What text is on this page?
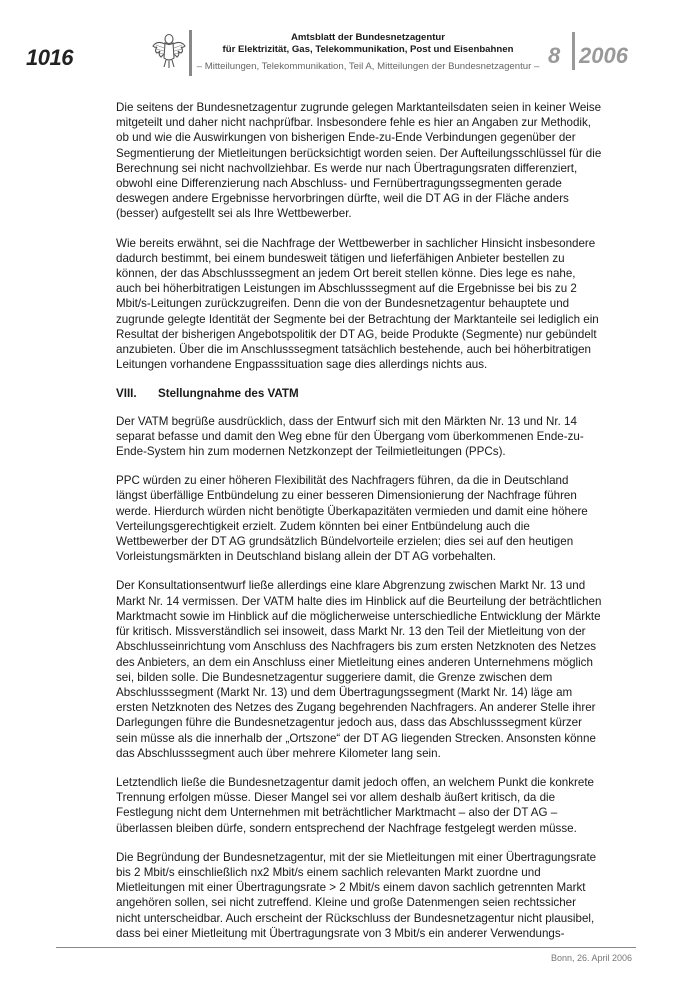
1016
Amtsblatt der Bundesnetzagentur
für Elektrizität, Gas, Telekommunikation, Post und Eisenbahnen
– Mitteilungen, Telekommunikation, Teil A, Mitteilungen der Bundesnetzagentur – 8 2006

Die seitens der Bundesnetzagentur zugrunde gelegen Marktanteilsdaten seien in keiner Weise mitgeteilt und daher nicht nachprüfbar. Insbesondere fehle es hier an Angaben zur Methodik, ob und wie die Auswirkungen von bisherigen Ende-zu-Ende Verbindungen gegenüber der Segmentierung der Mietleitungen berücksichtigt worden seien. Der Aufteilungsschlüssel für die Berechnung sei nicht nachvollziehbar. Es werde nur nach Übertragungsraten differenziert, obwohl eine Differenzierung nach Abschluss- und Fernübertragungssegmenten gerade deswegen andere Ergebnisse hervorbringen dürfte, weil die DT AG in der Fläche anders (besser) aufgestellt sei als Ihre Wettbewerber.

Wie bereits erwähnt, sei die Nachfrage der Wettbewerber in sachlicher Hinsicht insbesondere dadurch bestimmt, bei einem bundesweit tätigen und lieferfähigen Anbieter bestellen zu können, der das Abschlusssegment an jedem Ort bereit stellen könne. Dies lege es nahe, auch bei höherbitratigen Leistungen im Abschlusssegment auf die Ergebnisse bei bis zu 2 Mbit/s-Leitungen zurückzugreifen. Denn die von der Bundesnetzagentur behauptete und zugrunde gelegte Identität der Segmente bei der Betrachtung der Marktanteile sei lediglich ein Resultat der bisherigen Angebotspolitik der DT AG, beide Produkte (Segmente) nur gebündelt anzubieten. Über die im Anschlusssegment tatsächlich bestehende, auch bei höherbitratigen Leitungen vorhandene Engpasssituation sage dies allerdings nichts aus.

VIII.	Stellungnahme des VATM

Der VATM begrüße ausdrücklich, dass der Entwurf sich mit den Märkten Nr. 13 und Nr. 14 separat befasse und damit den Weg ebne für den Übergang vom überkommenen Ende-zu-Ende-System hin zum modernen Netzkonzept der Teilmietleitungen (PPCs).

PPC würden zu einer höheren Flexibilität des Nachfragers führen, da die in Deutschland längst überfällige Entbündelung zu einer besseren Dimensionierung der Nachfrage führen werde. Hierdurch würden nicht benötigte Überkapazitäten vermieden und damit eine höhere Verteilungsgerechtigkeit erzielt. Zudem könnten bei einer Entbündelung auch die Wettbewerber der DT AG grundsätzlich Bündelvorteile erzielen; dies sei auf den heutigen Vorleistungsmärkten in Deutschland bislang allein der DT AG vorbehalten.

Der Konsultationsentwurf ließe allerdings eine klare Abgrenzung zwischen Markt Nr. 13 und Markt Nr. 14 vermissen. Der VATM halte dies im Hinblick auf die Beurteilung der beträchtlichen Marktmacht sowie im Hinblick auf die möglicherweise unterschiedliche Entwicklung der Märkte für kritisch. Missverständlich sei insoweit, dass Markt Nr. 13 den Teil der Mietleitung von der Abschlusseinrichtung vom Anschluss des Nachfragers bis zum ersten Netzknoten des Netzes des Anbieters, an dem ein Anschluss einer Mietleitung eines anderen Unternehmens möglich sei, bilden solle. Die Bundesnetzagentur suggeriere damit, die Grenze zwischen dem Abschlusssegment (Markt Nr. 13) und dem Übertragungssegment (Markt Nr. 14) läge am ersten Netzknoten des Netzes des Zugang begehrenden Nachfragers. An anderer Stelle ihrer Darlegungen führe die Bundesnetzagentur jedoch aus, dass das Abschlusssegment kürzer sein müsse als die innerhalb der „Ortszone“ der DT AG liegenden Strecken. Ansonsten könne das Abschlusssegment auch über mehrere Kilometer lang sein.

Letztendlich ließe die Bundesnetzagentur damit jedoch offen, an welchem Punkt die konkrete Trennung erfolgen müsse. Dieser Mangel sei vor allem deshalb äußert kritisch, da die Festlegung nicht dem Unternehmen mit beträchtlicher Marktmacht – also der DT AG – überlassen bleiben dürfe, sondern entsprechend der Nachfrage festgelegt werden müsse.

Die Begründung der Bundesnetzagentur, mit der sie Mietleitungen mit einer Übertragungsrate bis 2 Mbit/s einschließlich nx2 Mbit/s einem sachlich relevanten Markt zuordne und Mietleitungen mit einer Übertragungsrate > 2 Mbit/s einem davon sachlich getrennten Markt angehören sollen, sei nicht zutreffend. Kleine und große Datenmengen seien rechtssicher nicht unterscheidbar. Auch erscheint der Rückschluss der Bundesnetzagentur nicht plausibel, dass bei einer Mietleitung mit Übertragungsrate von 3 Mbit/s ein anderer Verwendungs-

Bonn, 26. April 2006
